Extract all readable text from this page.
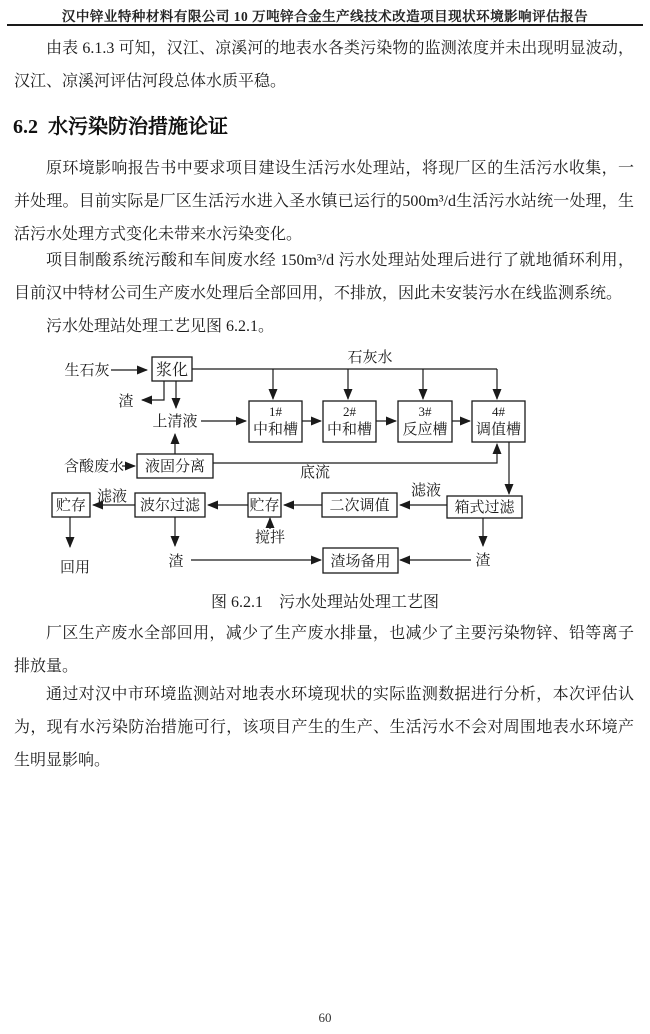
汉中锌业特种材料有限公司 10 万吨锌合金生产线技术改造项目现状环境影响评估报告

由表 6.1.3 可知，汉江、凉溪河的地表水各类污染物的监测浓度并未出现明显波动，汉江、凉溪河评估河段总体水质平稳。

6.2 水污染防治措施论证

原环境影响报告书中要求项目建设生活污水处理站，将现厂区的生活污水收集，一并处理。目前实际是厂区生活污水进入圣水镇已运行的500m³/d生活污水站统一处理，生活污水处理方式变化未带来水污染变化。

项目制酸系统污酸和车间废水经 150m³/d 污水处理站处理后进行了就地循环利用，目前汉中特材公司生产废水处理后全部回用，不排放，因此未安装污水在线监测系统。

污水处理站处理工艺见图 6.2.1。

浆化
1#
中和槽
2#
中和槽
3#
反应槽
4#
调值槽
液固分离
贮存	波尔过滤	贮存	二次调值	箱式过滤
渣场备用
生石灰
石灰水
渣
上清液
含酸废水	底流
滤液	滤液
搅拌
回用	渣	渣
图 6.2.1　污水处理站处理工艺图

厂区生产废水全部回用，减少了生产废水排量，也减少了主要污染物锌、铅等离子排放量。

通过对汉中市环境监测站对地表水环境现状的实际监测数据进行分析，本次评估认为，现有水污染防治措施可行，该项目产生的生产、生活污水不会对周围地表水环境产生明显影响。

60
